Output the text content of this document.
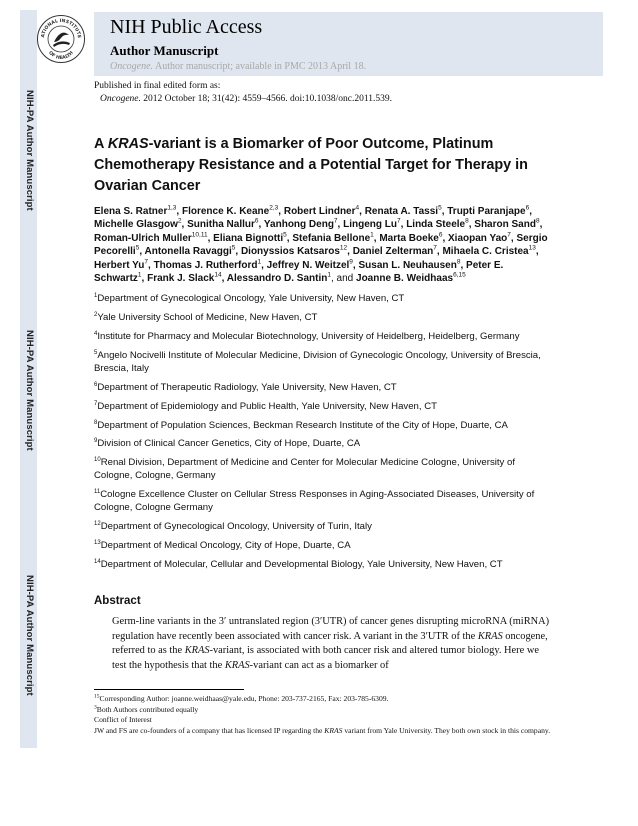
NIH-PA Author Manuscript
NIH-PA Author Manuscript
NIH-PA Author Manuscript
ATIONAL INSTITUTE
OF HEALTH
NIH Public Access
Author Manuscript
Oncogene. Author manuscript; available in PMC 2013 April 18.
Published in final edited form as:
Oncogene. 2012 October 18; 31(42): 4559–4566. doi:10.1038/onc.2011.539.
A KRAS-variant is a Biomarker of Poor Outcome, Platinum Chemotherapy Resistance and a Potential Target for Therapy in Ovarian Cancer
Elena S. Ratner$^{1,3}$, Florence K. Keane$^{2,3}$, Robert Lindner$^4$, Renata A. Tassi$^5$, Trupti Paranjape$^6$, Michelle Glasgow$^2$, Sunitha Nallur$^6$, Yanhong Deng$^7$, Lingeng Lu$^7$, Linda Steele$^8$, Sharon Sand$^8$, Roman-Ulrich Muller$^{10,11}$, Eliana Bignotti$^5$, Stefania Bellone$^1$, Marta Boeke$^6$, Xiaopan Yao$^7$, Sergio Pecorelli$^5$, Antonella Ravaggi$^5$, Dionyssios Katsaros$^{12}$, Daniel Zelterman$^7$, Mihaela C. Cristea$^{13}$, Herbert Yu$^7$, Thomas J. Rutherford$^1$, Jeffrey N. Weitzel$^9$, Susan L. Neuhausen$^8$, Peter E. Schwartz$^1$, Frank J. Slack$^{14}$, Alessandro D. Santin$^1$, and Joanne B. Weidhaas$^{6,15}$
$^1$Department of Gynecological Oncology, Yale University, New Haven, CT
$^2$Yale University School of Medicine, New Haven, CT
$^4$Institute for Pharmacy and Molecular Biotechnology, University of Heidelberg, Heidelberg, Germany
$^5$Angelo Nocivelli Institute of Molecular Medicine, Division of Gynecologic Oncology, University of Brescia, Brescia, Italy
$^6$Department of Therapeutic Radiology, Yale University, New Haven, CT
$^7$Department of Epidemiology and Public Health, Yale University, New Haven, CT
$^8$Department of Population Sciences, Beckman Research Institute of the City of Hope, Duarte, CA
$^9$Division of Clinical Cancer Genetics, City of Hope, Duarte, CA
$^{10}$Renal Division, Department of Medicine and Center for Molecular Medicine Cologne, University of Cologne, Cologne, Germany
$^{11}$Cologne Excellence Cluster on Cellular Stress Responses in Aging-Associated Diseases, University of Cologne, Cologne Germany
$^{12}$Department of Gynecological Oncology, University of Turin, Italy
$^{13}$Department of Medical Oncology, City of Hope, Duarte, CA
$^{14}$Department of Molecular, Cellular and Developmental Biology, Yale University, New Haven, CT
Abstract
Germ-line variants in the 3′ untranslated region (3′UTR) of cancer genes disrupting microRNA (miRNA) regulation have recently been associated with cancer risk. A variant in the 3′UTR of the KRAS oncogene, referred to as the KRAS-variant, is associated with both cancer risk and altered tumor biology. Here we test the hypothesis that the KRAS-variant can act as a biomarker of
$^{15}$Corresponding Author: joanne.weidhaas@yale.edu, Phone: 203-737-2165, Fax: 203-785-6309.
$^3$Both Authors contributed equally
Conflict of Interest
JW and FS are co-founders of a company that has licensed IP regarding the KRAS variant from Yale University. They both own stock in this company.
